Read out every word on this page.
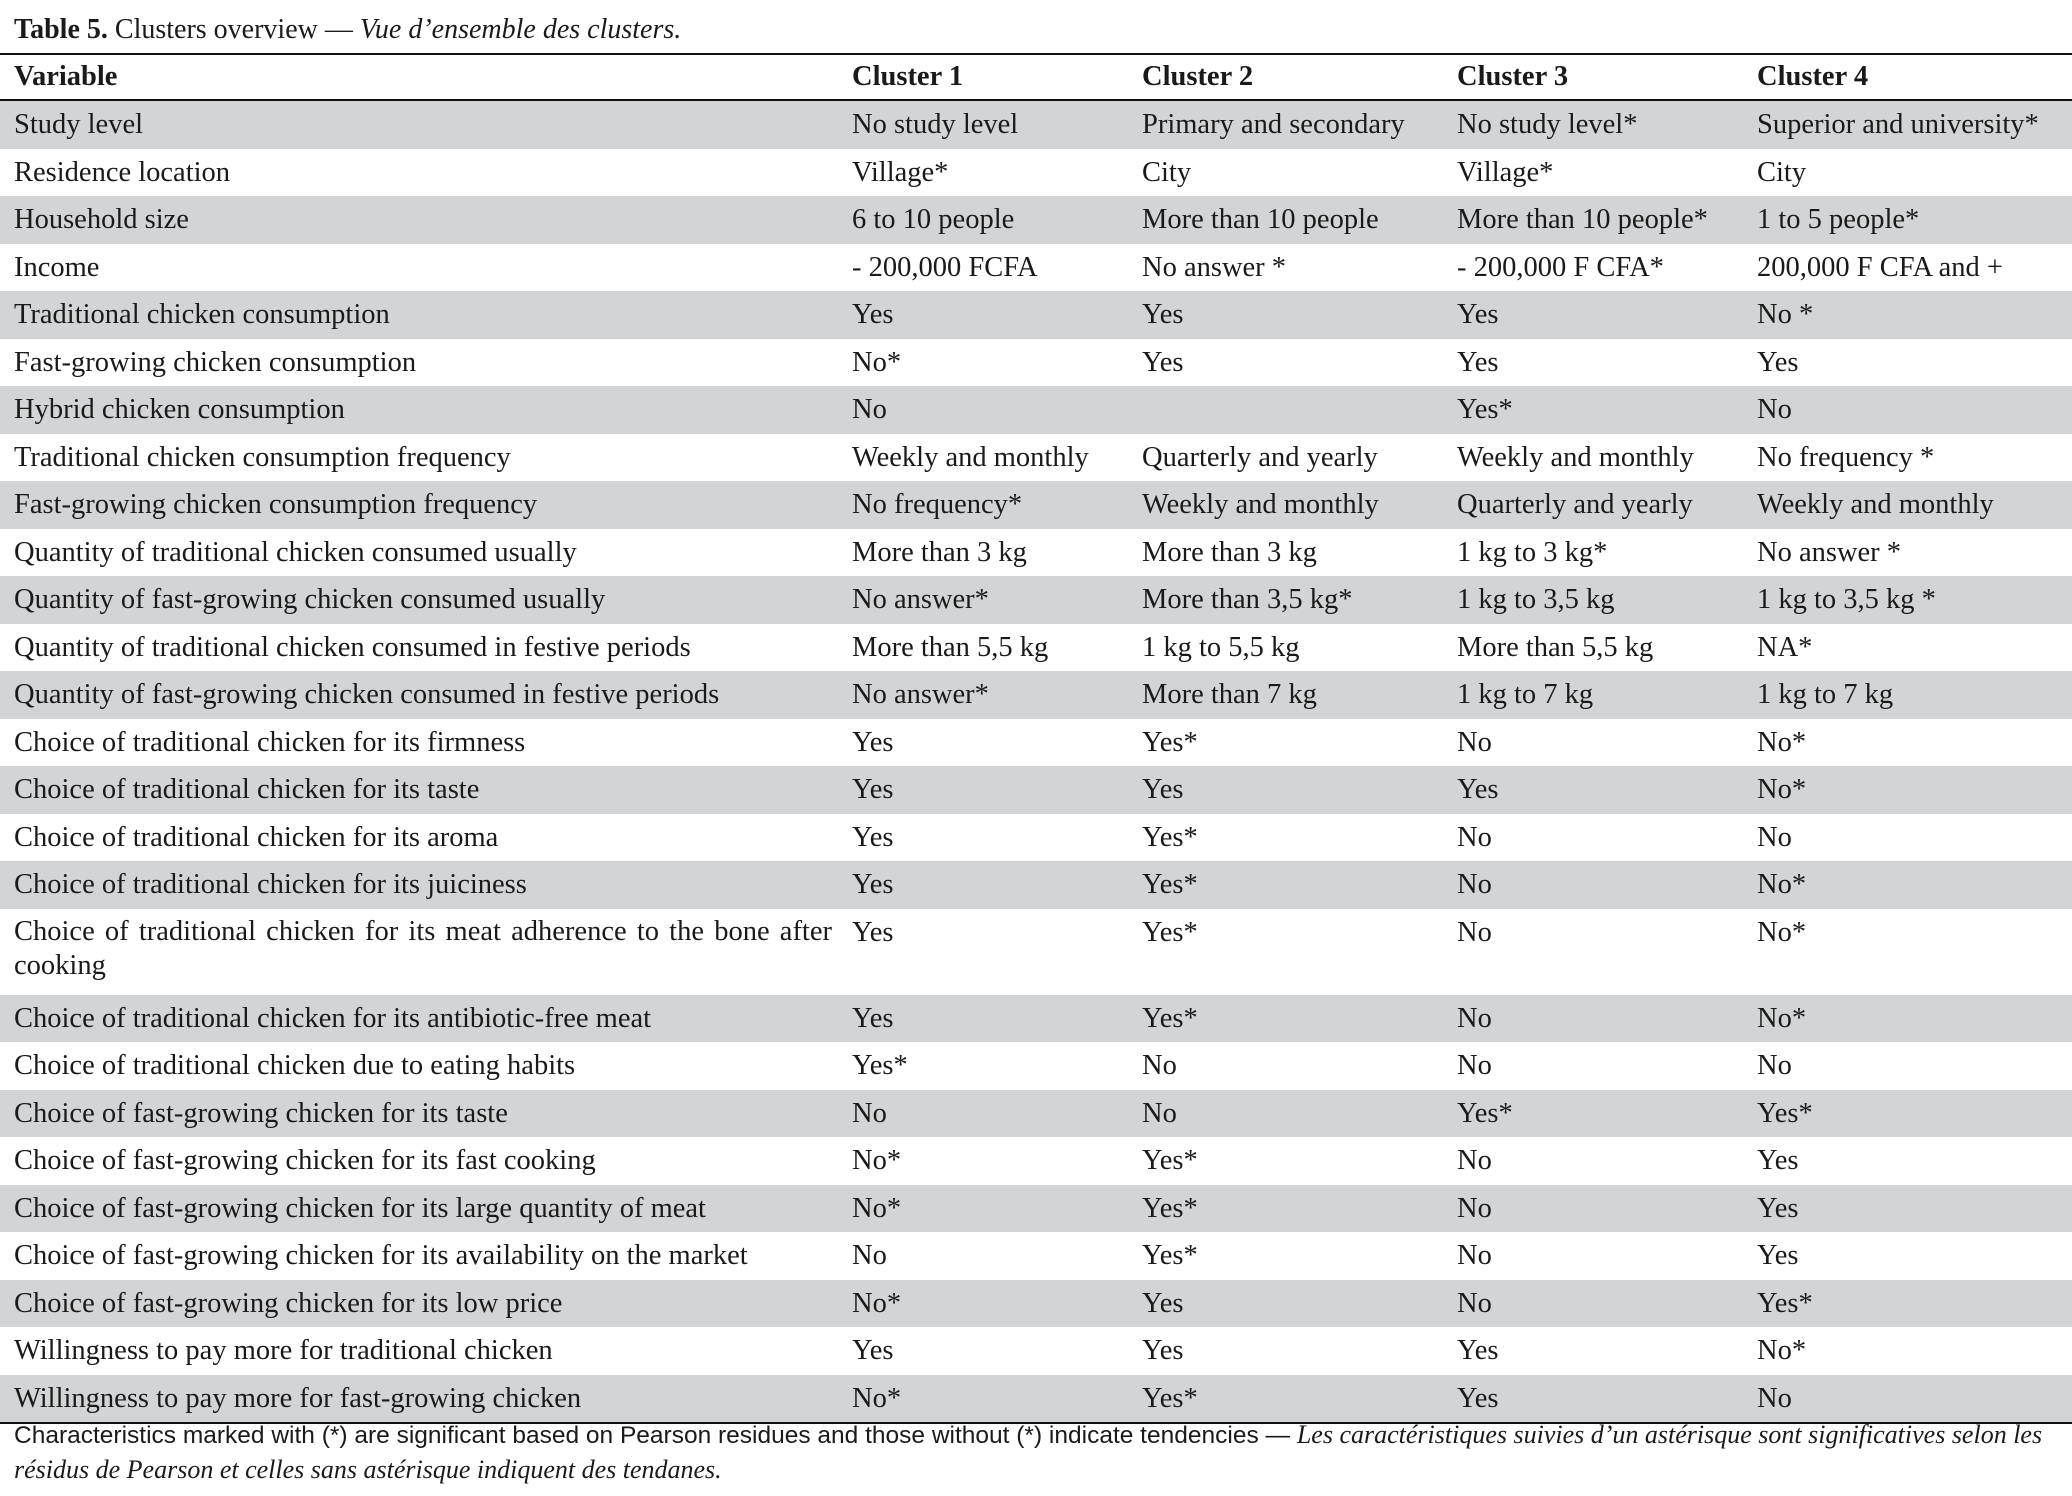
Table 5. Clusters overview — Vue d’ensemble des clusters.
Variable	Cluster 1	Cluster 2	Cluster 3	Cluster 4
Study level	No study level	Primary and secondary	No study level*	Superior and university*
Residence location	Village*	City	Village*	City
Household size	6 to 10 people	More than 10 people	More than 10 people*	1 to 5 people*
Income	- 200,000 FCFA	No answer *	- 200,000 F CFA*	200,000 F CFA and +
Traditional chicken consumption	Yes	Yes	Yes	No *
Fast-growing chicken consumption	No*	Yes	Yes	Yes
Hybrid chicken consumption	No		Yes*	No
Traditional chicken consumption frequency	Weekly and monthly	Quarterly and yearly	Weekly and monthly	No frequency *
Fast-growing chicken consumption frequency	No frequency*	Weekly and monthly	Quarterly and yearly	Weekly and monthly
Quantity of traditional chicken consumed usually	More than 3 kg	More than 3 kg	1 kg to 3 kg*	No answer *
Quantity of fast-growing chicken consumed usually	No answer*	More than 3,5 kg*	1 kg to 3,5 kg	1 kg to 3,5 kg *
Quantity of traditional chicken consumed in festive periods	More than 5,5 kg	1 kg to 5,5 kg	More than 5,5 kg	NA*
Quantity of fast-growing chicken consumed in festive periods	No answer*	More than 7 kg	1 kg to 7 kg	1 kg to 7 kg
Choice of traditional chicken for its firmness	Yes	Yes*	No	No*
Choice of traditional chicken for its taste	Yes	Yes	Yes	No*
Choice of traditional chicken for its aroma	Yes	Yes*	No	No
Choice of traditional chicken for its juiciness	Yes	Yes*	No	No*
Choice of traditional chicken for its meat adherence to the bone after cooking	Yes	Yes*	No	No*
Choice of traditional chicken for its antibiotic-free meat	Yes	Yes*	No	No*
Choice of traditional chicken due to eating habits	Yes*	No	No	No
Choice of fast-growing chicken for its taste	No	No	Yes*	Yes*
Choice of fast-growing chicken for its fast cooking	No*	Yes*	No	Yes
Choice of fast-growing chicken for its large quantity of meat	No*	Yes*	No	Yes
Choice of fast-growing chicken for its availability on the market	No	Yes*	No	Yes
Choice of fast-growing chicken for its low price	No*	Yes	No	Yes*
Willingness to pay more for traditional chicken	Yes	Yes	Yes	No*
Willingness to pay more for fast-growing chicken	No*	Yes*	Yes	No
Characteristics marked with (*) are significant based on Pearson residues and those without (*) indicate tendencies — Les caractéristiques suivies d’un astérisque sont significatives selon les résidus de Pearson et celles sans astérisque indiquent des tendanes.
